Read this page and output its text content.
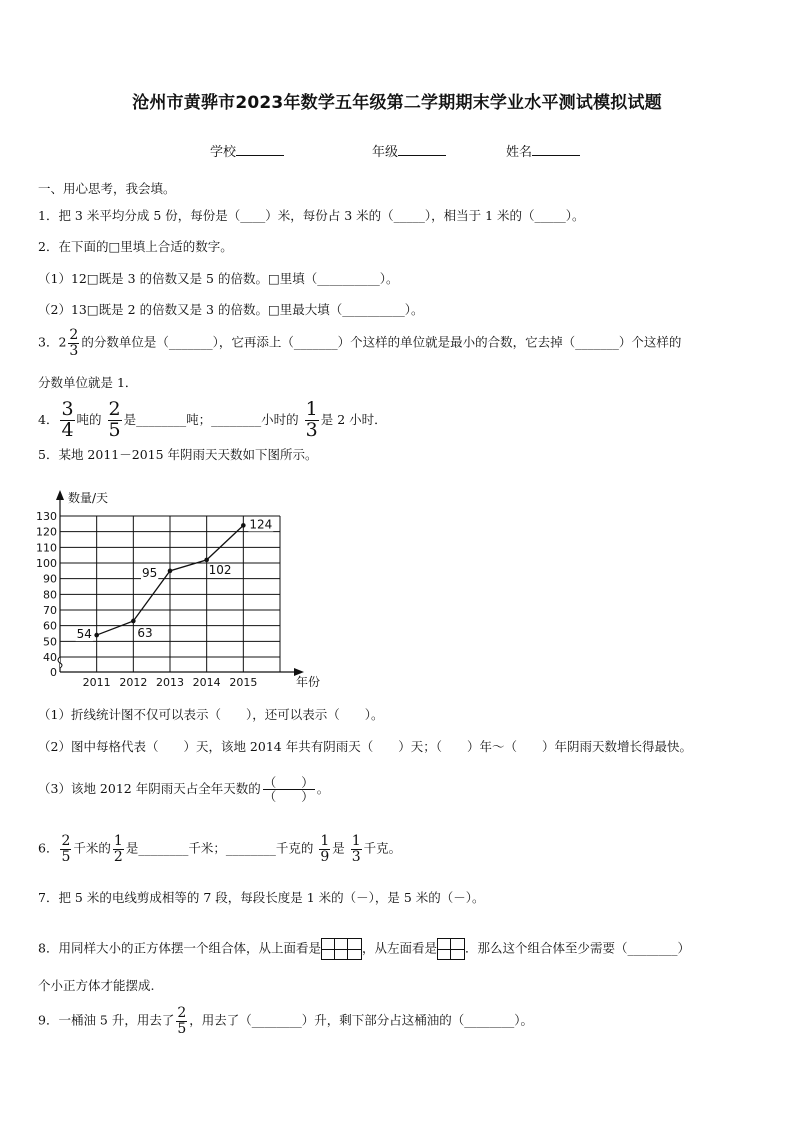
沧州市黄骅市2023年数学五年级第二学期期末学业水平测试模拟试题
学校	年级	姓名
一、用心思考，我会填。
1．把 3 米平均分成 5 份，每份是（____）米，每份占 3 米的（_____），相当于 1 米的（_____）。
2．在下面的□里填上合适的数字。
（1）12□既是 3 的倍数又是 5 的倍数。□里填（__________）。
（2）13□既是 2 的倍数又是 3 的倍数。□里最大填（__________）。
3．$2 \frac{2}{3}$ 的分数单位是（_______），它再添上（_______）个这样的单位就是最小的合数，它去掉（_______）个这样的
分数单位就是 1．
4． $\frac{3}{4}$ 吨的 $\frac{2}{5}$ 是________吨；________小时的 $\frac{1}{3}$ 是 2 小时．
5．某地 2011－2015 年阴雨天天数如下图所示。
0
40
50
60
70
80
90
100
110
120
130
数量/天
年份
2011 2012 2013 2014 2015
54	63
95	102
124
（1）折线统计图不仅可以表示（　　），还可以表示（　　）。
（2）图中每格代表（　　）天，该地 2014 年共有阴雨天（　　）天；（　　）年～（　　）年阴雨天数增长得最快。
（3）该地 2012 年阴雨天占全年天数的 $\frac{( )}{( )}$ 。
6． $\frac{2}{5}$ 千米的 $\frac{1}{2}$ 是________千米；________千克的 $\frac{1}{9}$ 是 $\frac{1}{3}$ 千克。
7．把 5 米的电线剪成相等的 7 段，每段长度是 1 米的（－），是 5 米的（－）。
8．用同样大小的正方体摆一个组合体，从上面看是	，从左面看是 ．那么这个组合体至少需要（________）
个小正方体才能摆成.
9．一桶油 5 升，用去了 $\frac{2}{5}$ ，用去了（________）升，剩下部分占这桶油的（________）。
